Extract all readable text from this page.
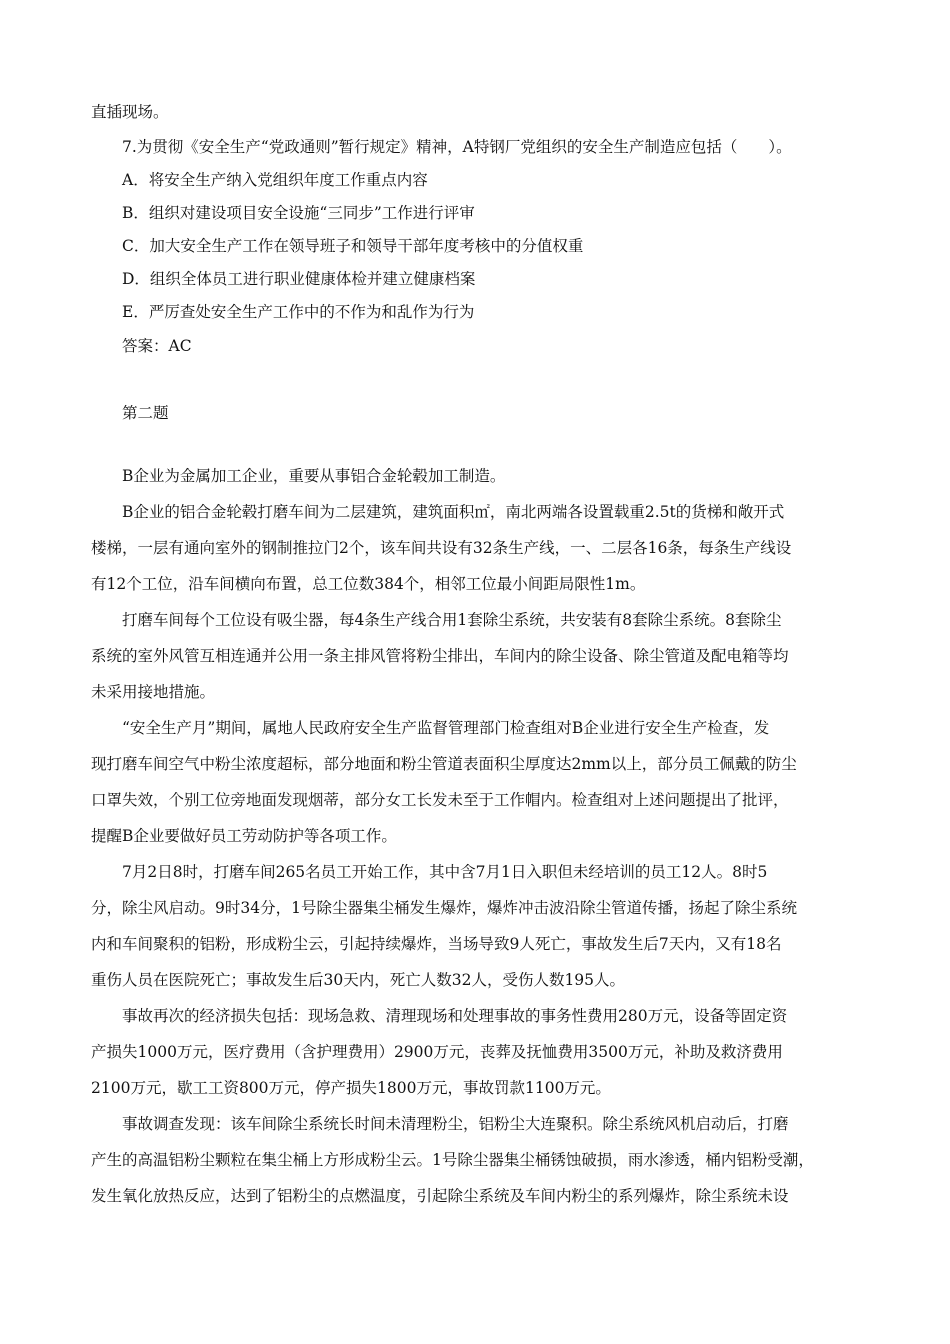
直插现场。
7.为贯彻《安全生产“党政通则”暂行规定》精神，A特钢厂党组织的安全生产制造应包括（　　）。
A．将安全生产纳入党组织年度工作重点内容
B．组织对建设项目安全设施“三同步”工作进行评审
C．加大安全生产工作在领导班子和领导干部年度考核中的分值权重
D．组织全体员工进行职业健康体检并建立健康档案
E．严厉查处安全生产工作中的不作为和乱作为行为
答案：AC
第二题
B企业为金属加工企业，重要从事铝合金轮毂加工制造。
B企业的铝合金轮毂打磨车间为二层建筑，建筑面积㎡，南北两端各设置载重2.5t的货梯和敞开式
楼梯，一层有通向室外的钢制推拉门2个，该车间共设有32条生产线，一、二层各16条，每条生产线设
有12个工位，沿车间横向布置，总工位数384个，相邻工位最小间距局限性1m。
打磨车间每个工位设有吸尘器，每4条生产线合用1套除尘系统，共安装有8套除尘系统。8套除尘
系统的室外风管互相连通并公用一条主排风管将粉尘排出，车间内的除尘设备、除尘管道及配电箱等均
未采用接地措施。
“安全生产月”期间，属地人民政府安全生产监督管理部门检查组对B企业进行安全生产检查，发
现打磨车间空气中粉尘浓度超标，部分地面和粉尘管道表面积尘厚度达2mm以上，部分员工佩戴的防尘
口罩失效，个别工位旁地面发现烟蒂，部分女工长发未至于工作帽内。检查组对上述问题提出了批评，
提醒B企业要做好员工劳动防护等各项工作。
7月2日8时，打磨车间265名员工开始工作，其中含7月1日入职但未经培训的员工12人。8时5
分，除尘风启动。9时34分，1号除尘器集尘桶发生爆炸，爆炸冲击波沿除尘管道传播，扬起了除尘系统
内和车间聚积的铝粉，形成粉尘云，引起持续爆炸，当场导致9人死亡，事故发生后7天内，又有18名
重伤人员在医院死亡；事故发生后30天内，死亡人数32人，受伤人数195人。
事故再次的经济损失包括：现场急救、清理现场和处理事故的事务性费用280万元，设备等固定资
产损失1000万元，医疗费用（含护理费用）2900万元，丧葬及抚恤费用3500万元，补助及救济费用
2100万元，歇工工资800万元，停产损失1800万元，事故罚款1100万元。
事故调查发现：该车间除尘系统长时间未清理粉尘，铝粉尘大连聚积。除尘系统风机启动后，打磨
产生的高温铝粉尘颗粒在集尘桶上方形成粉尘云。1号除尘器集尘桶锈蚀破损，雨水渗透，桶内铝粉受潮，
发生氧化放热反应，达到了铝粉尘的点燃温度，引起除尘系统及车间内粉尘的系列爆炸，除尘系统未设
